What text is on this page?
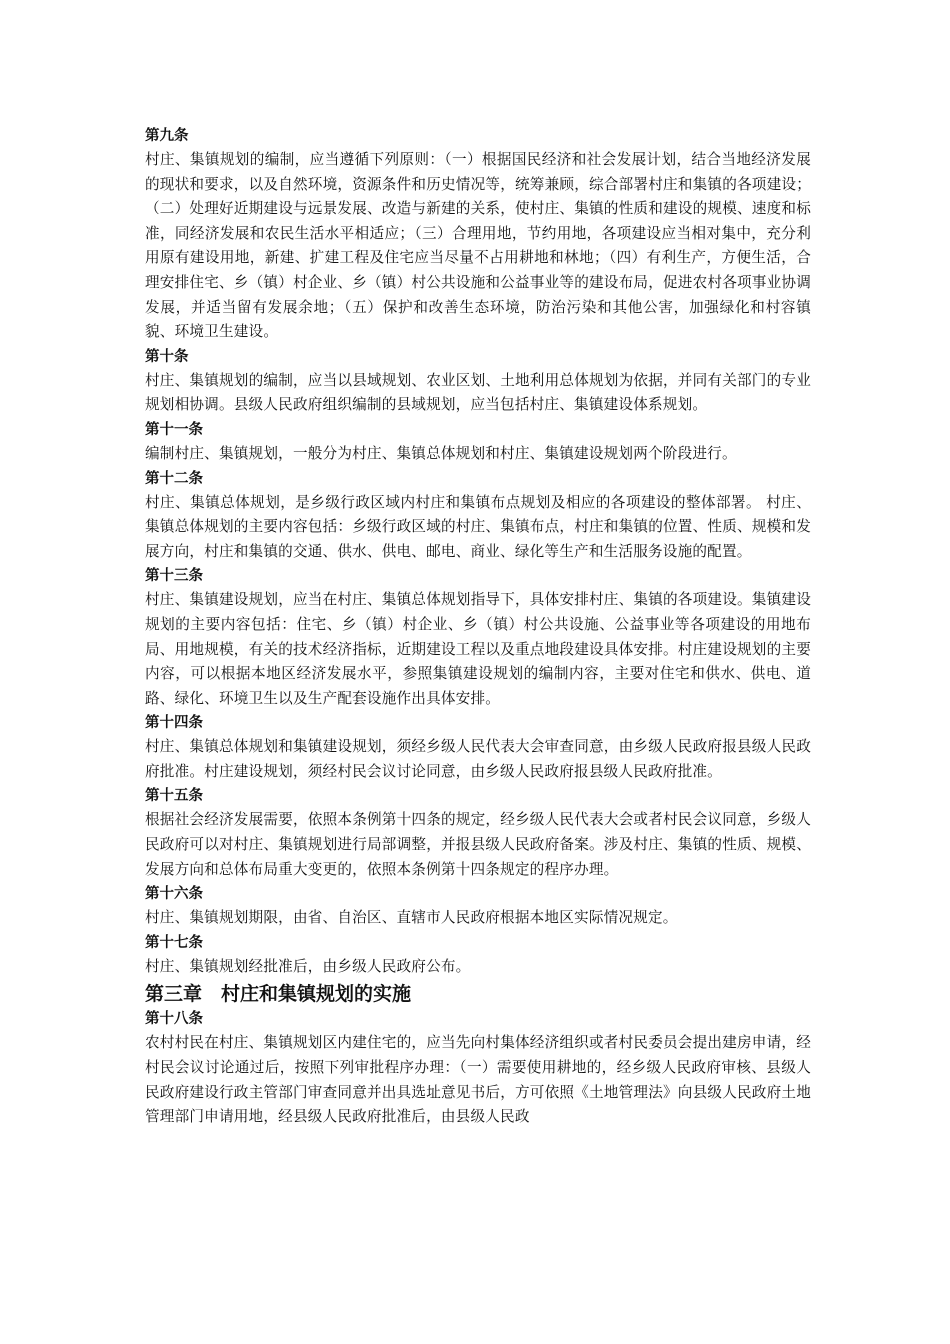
第九条

村庄、集镇规划的编制，应当遵循下列原则：（一）根据国民经济和社会发展计划，结合当地经济发展的现状和要求，以及自然环境，资源条件和历史情况等，统筹兼顾，综合部署村庄和集镇的各项建设；（二）处理好近期建设与远景发展、改造与新建的关系，使村庄、集镇的性质和建设的规模、速度和标准，同经济发展和农民生活水平相适应；（三）合理用地，节约用地，各项建设应当相对集中，充分利用原有建设用地，新建、扩建工程及住宅应当尽量不占用耕地和林地；（四）有利生产，方便生活，合理安排住宅、乡（镇）村企业、乡（镇）村公共设施和公益事业等的建设布局，促进农村各项事业协调发展，并适当留有发展余地；（五）保护和改善生态环境，防治污染和其他公害，加强绿化和村容镇貌、环境卫生建设。

第十条

村庄、集镇规划的编制，应当以县域规划、农业区划、土地利用总体规划为依据，并同有关部门的专业规划相协调。县级人民政府组织编制的县域规划，应当包括村庄、集镇建设体系规划。

第十一条

编制村庄、集镇规划，一般分为村庄、集镇总体规划和村庄、集镇建设规划两个阶段进行。

第十二条

村庄、集镇总体规划，是乡级行政区域内村庄和集镇布点规划及相应的各项建设的整体部署。 村庄、集镇总体规划的主要内容包括：乡级行政区域的村庄、集镇布点，村庄和集镇的位置、性质、规模和发展方向，村庄和集镇的交通、供水、供电、邮电、商业、绿化等生产和生活服务设施的配置。

第十三条

村庄、集镇建设规划，应当在村庄、集镇总体规划指导下，具体安排村庄、集镇的各项建设。集镇建设规划的主要内容包括：住宅、乡（镇）村企业、乡（镇）村公共设施、公益事业等各项建设的用地布局、用地规模，有关的技术经济指标，近期建设工程以及重点地段建设具体安排。村庄建设规划的主要内容，可以根据本地区经济发展水平，参照集镇建设规划的编制内容，主要对住宅和供水、供电、道路、绿化、环境卫生以及生产配套设施作出具体安排。

第十四条

村庄、集镇总体规划和集镇建设规划，须经乡级人民代表大会审查同意，由乡级人民政府报县级人民政府批准。村庄建设规划，须经村民会议讨论同意，由乡级人民政府报县级人民政府批准。

第十五条

根据社会经济发展需要，依照本条例第十四条的规定，经乡级人民代表大会或者村民会议同意，乡级人民政府可以对村庄、集镇规划进行局部调整，并报县级人民政府备案。涉及村庄、集镇的性质、规模、发展方向和总体布局重大变更的，依照本条例第十四条规定的程序办理。

第十六条

村庄、集镇规划期限，由省、自治区、直辖市人民政府根据本地区实际情况规定。

第十七条

村庄、集镇规划经批准后，由乡级人民政府公布。

第三章　村庄和集镇规划的实施

第十八条

农村村民在村庄、集镇规划区内建住宅的，应当先向村集体经济组织或者村民委员会提出建房申请，经村民会议讨论通过后，按照下列审批程序办理：（一）需要使用耕地的，经乡级人民政府审核、县级人民政府建设行政主管部门审查同意并出具选址意见书后，方可依照《土地管理法》向县级人民政府土地管理部门申请用地，经县级人民政府批准后，由县级人民政
